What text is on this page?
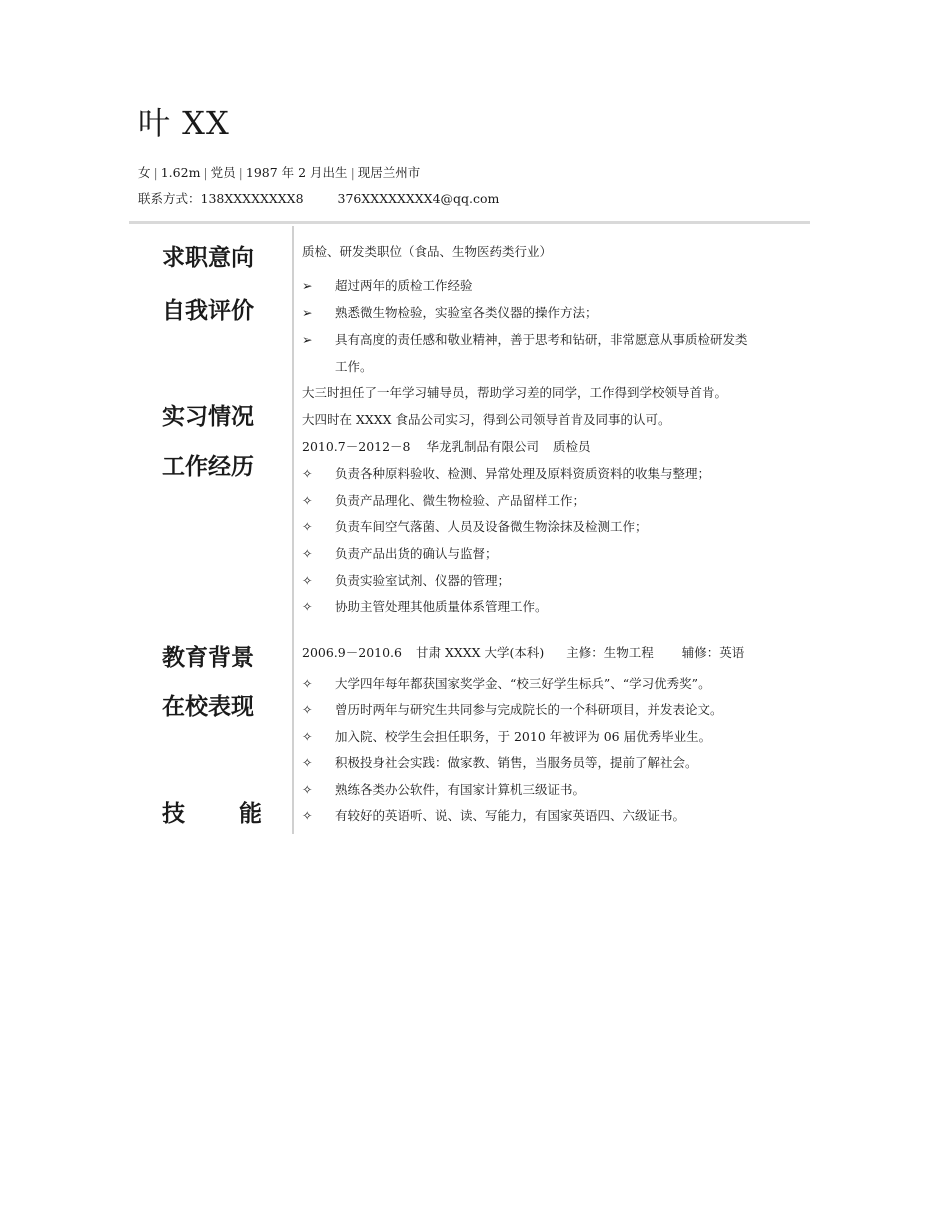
叶 XX
女 | 1.62m | 党员 | 1987 年 2 月出生 | 现居兰州市
联系方式：138XXXXXXXX8	376XXXXXXXX4@qq.com
求职意向
自我评价
实习情况
工作经历
教育背景
在校表现
技 能
质检、研发类职位（食品、生物医药类行业）
➢	超过两年的质检工作经验
➢	熟悉微生物检验，实验室各类仪器的操作方法；
➢	具有高度的责任感和敬业精神，善于思考和钻研，非常愿意从事质检研发类
工作。
大三时担任了一年学习辅导员，帮助学习差的同学，工作得到学校领导首肯。
大四时在 XXXX 食品公司实习，得到公司领导首肯及同事的认可。
2010.7－2012－8 华龙乳制品有限公司 质检员
✧	负责各种原料验收、检测、异常处理及原料资质资料的收集与整理；
✧	负责产品理化、微生物检验、产品留样工作；
✧	负责车间空气落菌、人员及设备微生物涂抹及检测工作；
✧	负责产品出货的确认与监督；
✧	负责实验室试剂、仪器的管理；
✧	协助主管处理其他质量体系管理工作。
2006.9－2010.6 甘肃 XXXX 大学(本科) 主修：生物工程 辅修：英语
✧	大学四年每年都获国家奖学金、“校三好学生标兵”、“学习优秀奖”。
✧	曾历时两年与研究生共同参与完成院长的一个科研项目，并发表论文。
✧	加入院、校学生会担任职务，于 2010 年被评为 06 届优秀毕业生。
✧	积极投身社会实践：做家教、销售，当服务员等，提前了解社会。
✧	熟练各类办公软件，有国家计算机三级证书。
✧	有较好的英语听、说、读、写能力，有国家英语四、六级证书。
